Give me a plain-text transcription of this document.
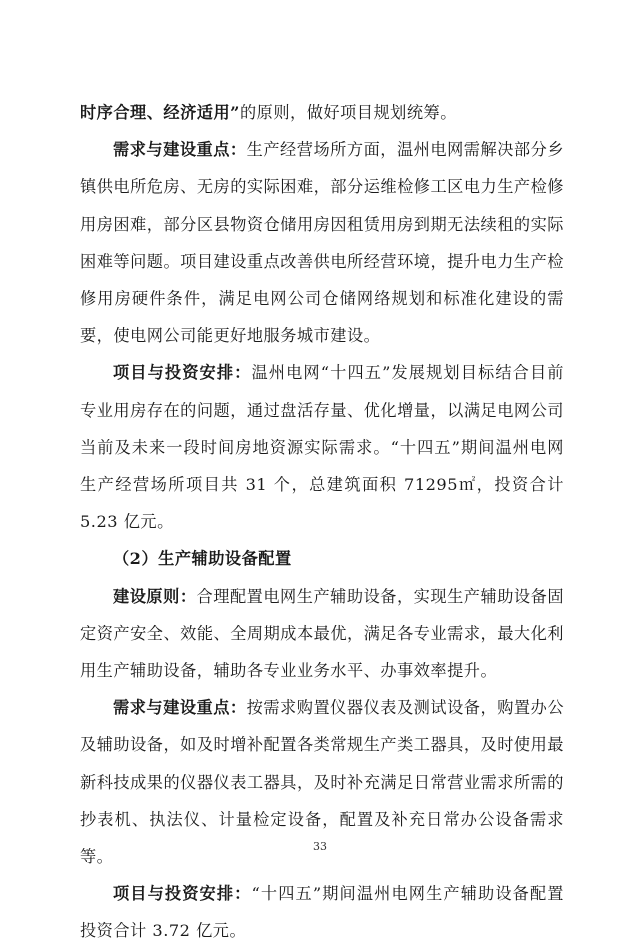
时序合理、经济适用”的原则，做好项目规划统筹。

需求与建设重点：生产经营场所方面，温州电网需解决部分乡镇供电所危房、无房的实际困难，部分运维检修工区电力生产检修用房困难，部分区县物资仓储用房因租赁用房到期无法续租的实际困难等问题。项目建设重点改善供电所经营环境，提升电力生产检修用房硬件条件，满足电网公司仓储网络规划和标准化建设的需要，使电网公司能更好地服务城市建设。

项目与投资安排：温州电网“十四五”发展规划目标结合目前专业用房存在的问题，通过盘活存量、优化增量，以满足电网公司当前及未来一段时间房地资源实际需求。“十四五”期间温州电网生产经营场所项目共 31 个，总建筑面积 71295㎡，投资合计 5.23 亿元。

（2）生产辅助设备配置

建设原则：合理配置电网生产辅助设备，实现生产辅助设备固定资产安全、效能、全周期成本最优，满足各专业需求，最大化利用生产辅助设备，辅助各专业业务水平、办事效率提升。

需求与建设重点：按需求购置仪器仪表及测试设备，购置办公及辅助设备，如及时增补配置各类常规生产类工器具，及时使用最新科技成果的仪器仪表工器具，及时补充满足日常营业需求所需的抄表机、执法仪、计量检定设备，配置及补充日常办公设备需求等。

项目与投资安排：“十四五”期间温州电网生产辅助设备配置投资合计 3.72 亿元。

33
